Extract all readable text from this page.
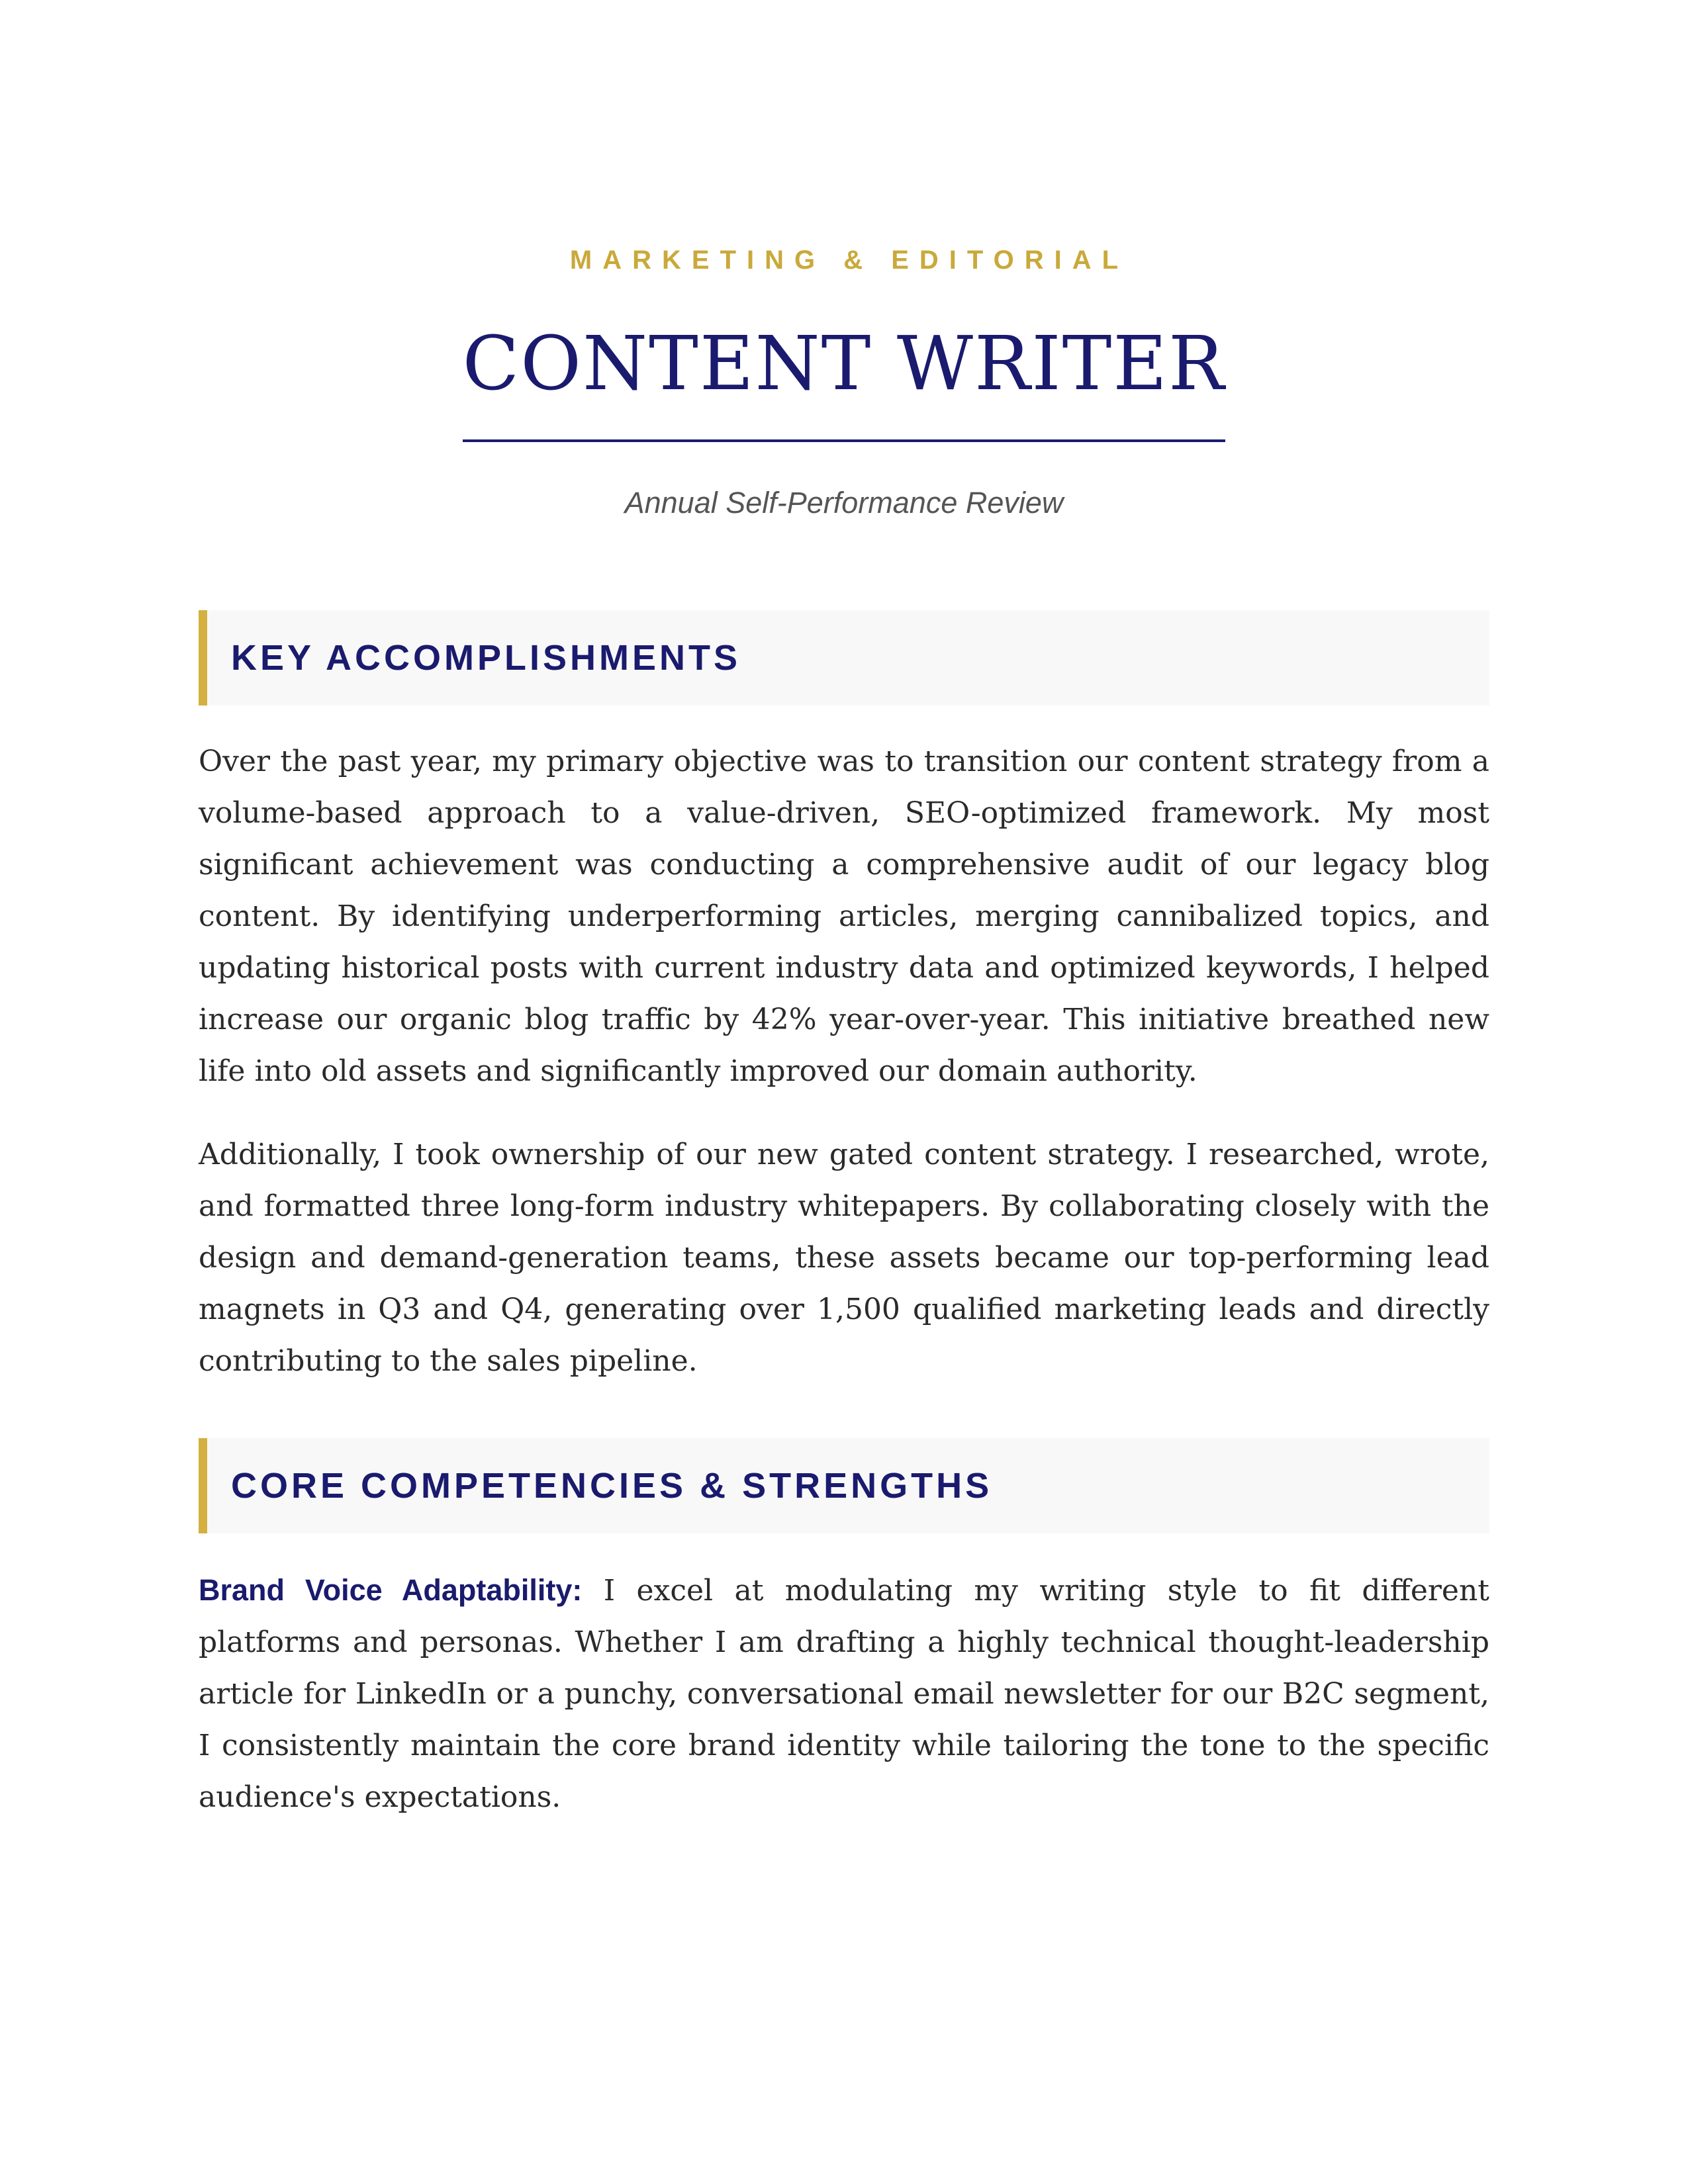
MARKETING & EDITORIAL
CONTENT WRITER
Annual Self-Performance Review
KEY ACCOMPLISHMENTS

Over the past year, my primary objective was to transition our content strategy from a volume-based approach to a value-driven, SEO-optimized framework. My most significant achievement was conducting a comprehensive audit of our legacy blog content. By identifying underperforming articles, merging cannibalized topics, and updating historical posts with current industry data and optimized keywords, I helped increase our organic blog traffic by 42% year-over-year. This initiative breathed new life into old assets and significantly improved our domain authority.

Additionally, I took ownership of our new gated content strategy. I researched, wrote, and formatted three long-form industry whitepapers. By collaborating closely with the design and demand-generation teams, these assets became our top-performing lead magnets in Q3 and Q4, generating over 1,500 qualified marketing leads and directly contributing to the sales pipeline.

CORE COMPETENCIES & STRENGTHS

Brand Voice Adaptability: I excel at modulating my writing style to fit different platforms and personas. Whether I am drafting a highly technical thought-leadership article for LinkedIn or a punchy, conversational email newsletter for our B2C segment, I consistently maintain the core brand identity while tailoring the tone to the specific audience's expectations.
